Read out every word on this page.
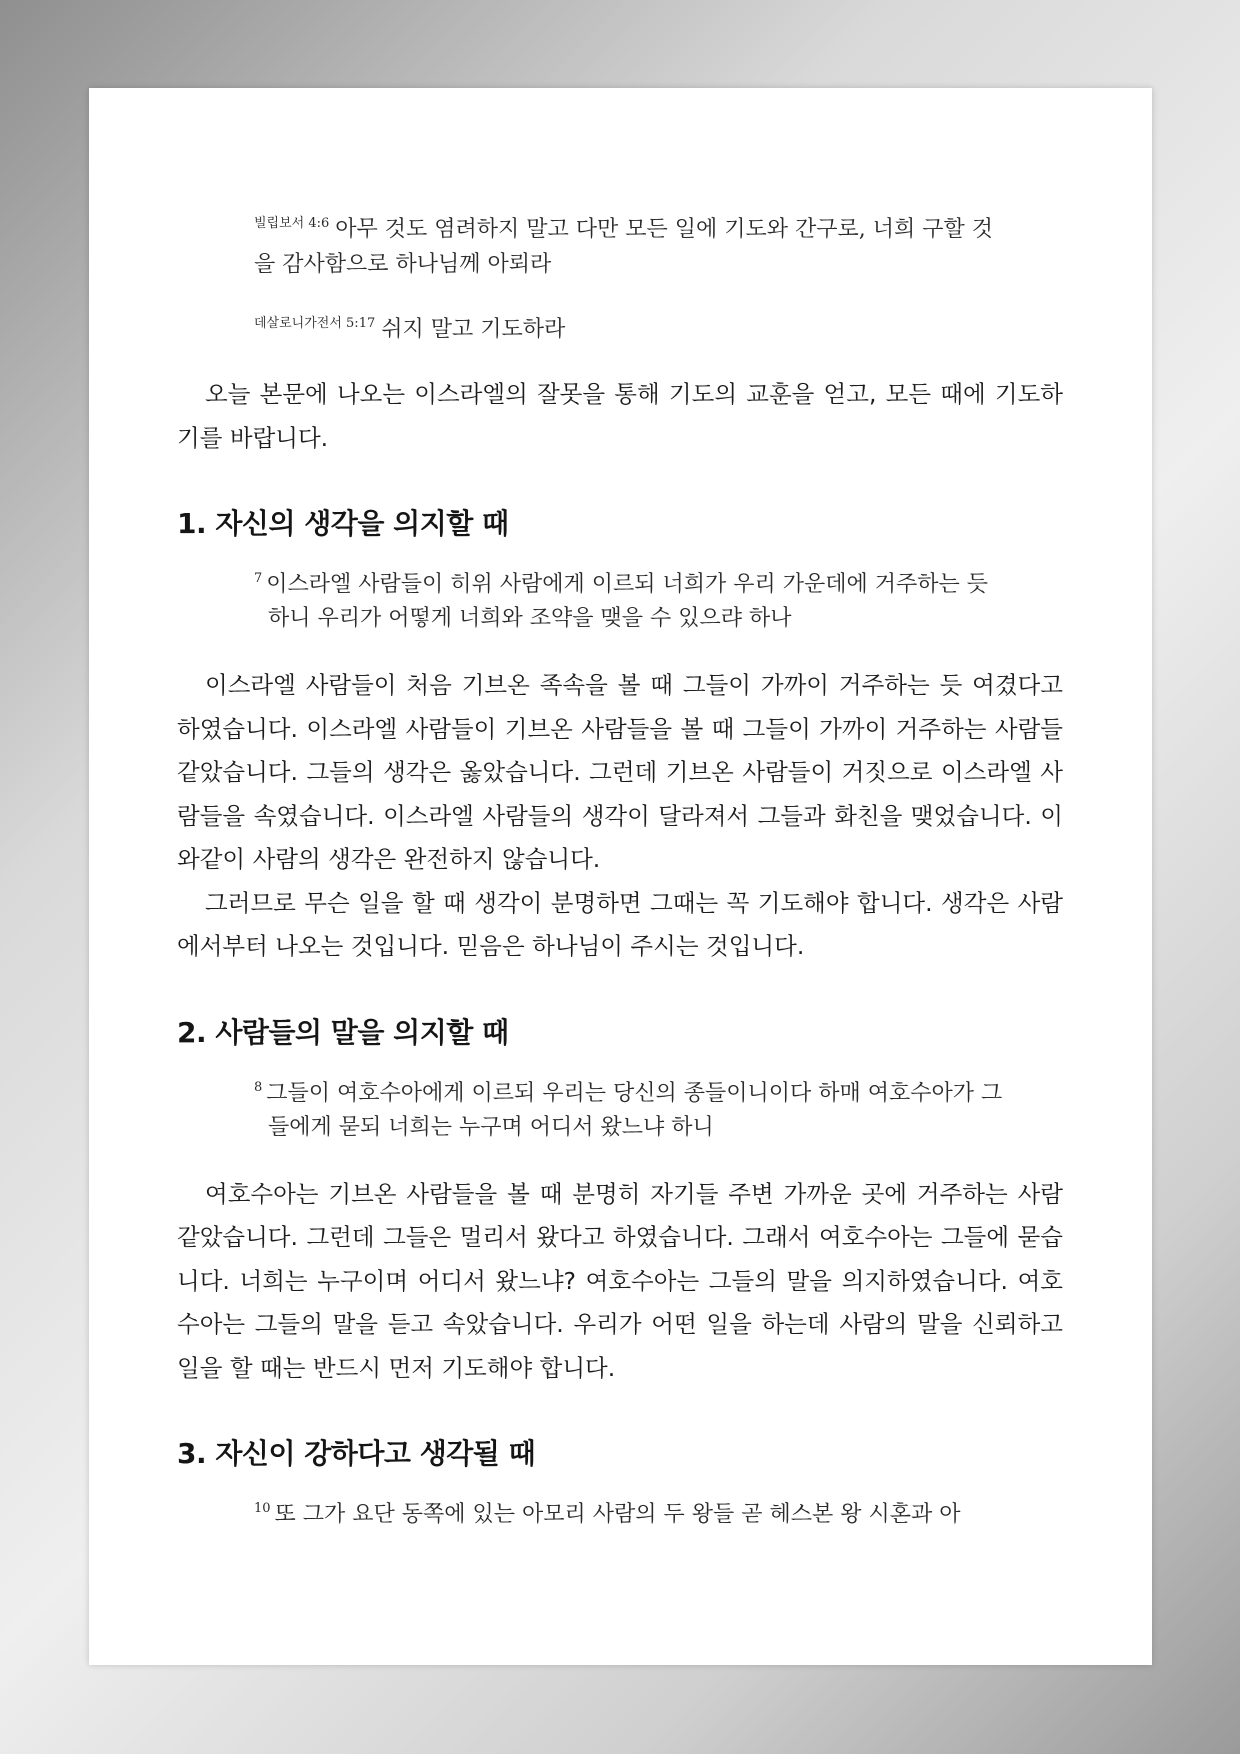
$^{빌립보서 4:6}$ 아무 것도 염려하지 말고 다만 모든 일에 기도와 간구로, 너희 구할 것을 감사함으로 하나님께 아뢰라
$^{데살로니가전서 5:17}$ 쉬지 말고 기도하라

오늘 본문에 나오는 이스라엘의 잘못을 통해 기도의 교훈을 얻고, 모든 때에 기도하기를 바랍니다.

1. 자신의 생각을 의지할 때
$^7$ 이스라엘 사람들이 히위 사람에게 이르되 너희가 우리 가운데에 거주하는 듯하니 우리가 어떻게 너희와 조약을 맺을 수 있으랴 하나

이스라엘 사람들이 처음 기브온 족속을 볼 때 그들이 가까이 거주하는 듯 여겼다고 하였습니다. 이스라엘 사람들이 기브온 사람들을 볼 때 그들이 가까이 거주하는 사람들 같았습니다. 그들의 생각은 옳았습니다. 그런데 기브온 사람들이 거짓으로 이스라엘 사람들을 속였습니다. 이스라엘 사람들의 생각이 달라져서 그들과 화친을 맺었습니다. 이와같이 사람의 생각은 완전하지 않습니다.

그러므로 무슨 일을 할 때 생각이 분명하면 그때는 꼭 기도해야 합니다. 생각은 사람에서부터 나오는 것입니다. 믿음은 하나님이 주시는 것입니다.

2. 사람들의 말을 의지할 때
$^8$ 그들이 여호수아에게 이르되 우리는 당신의 종들이니이다 하매 여호수아가 그들에게 묻되 너희는 누구며 어디서 왔느냐 하니

여호수아는 기브온 사람들을 볼 때 분명히 자기들 주변 가까운 곳에 거주하는 사람 같았습니다. 그런데 그들은 멀리서 왔다고 하였습니다. 그래서 여호수아는 그들에 묻습니다. 너희는 누구이며 어디서 왔느냐? 여호수아는 그들의 말을 의지하였습니다. 여호수아는 그들의 말을 듣고 속았습니다. 우리가 어떤 일을 하는데 사람의 말을 신뢰하고 일을 할 때는 반드시 먼저 기도해야 합니다.

3. 자신이 강하다고 생각될 때
$^{10}$ 또 그가 요단 동쪽에 있는 아모리 사람의 두 왕들 곧 헤스본 왕 시혼과 아
